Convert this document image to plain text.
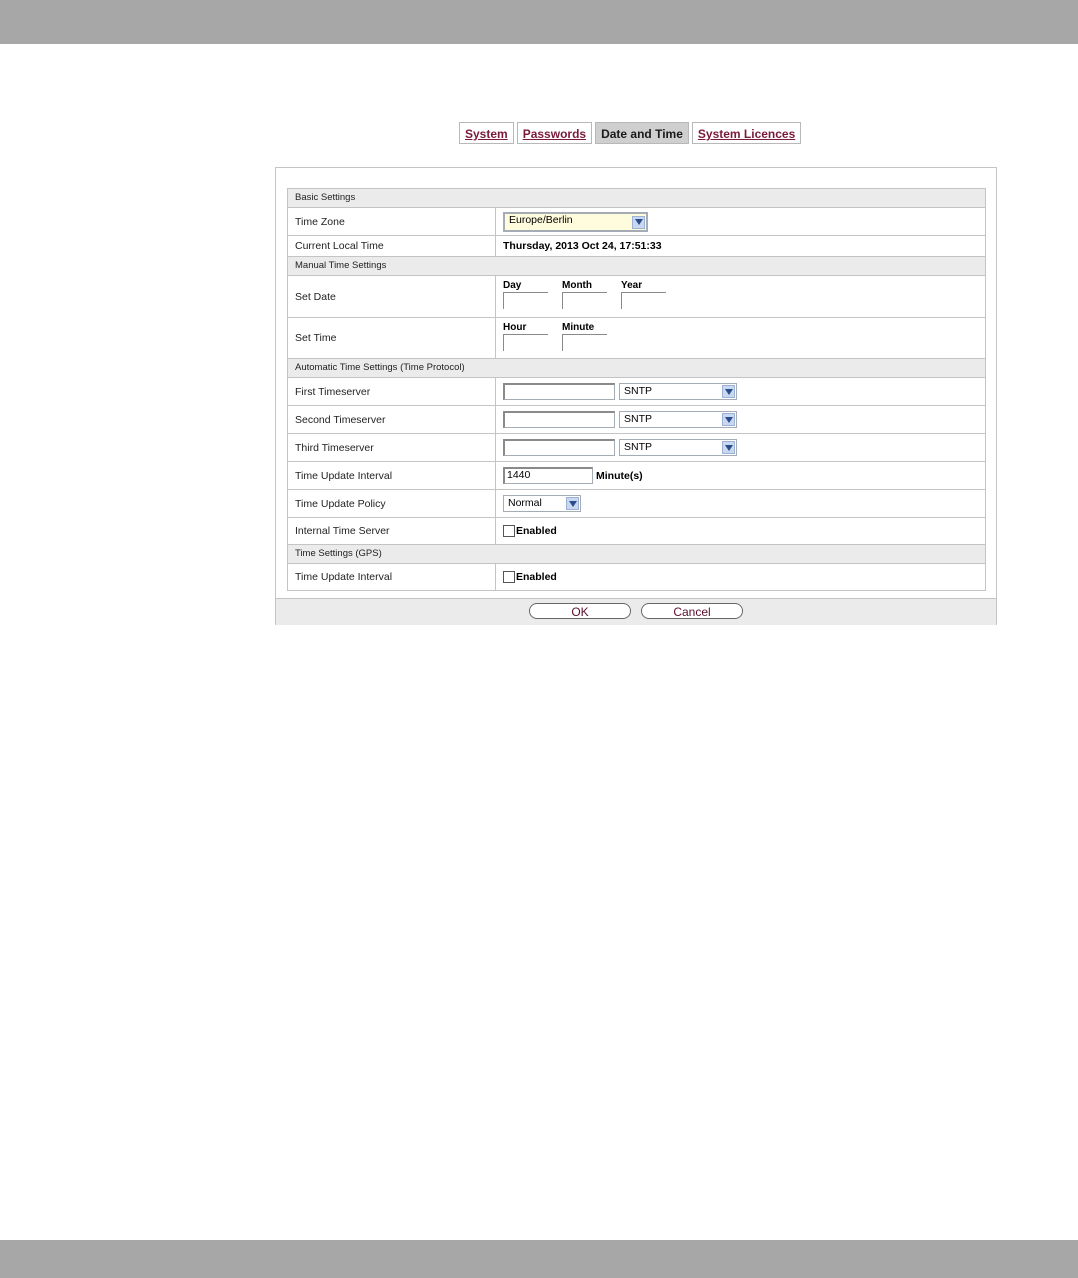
System	Passwords	Date and Time	System Licences
Basic Settings
Time Zone	Europe/Berlin
Current Local Time	Thursday, 2013 Oct 24, 17:51:33
Manual Time Settings
Set Date
Day	Month	Year
Set Time
Hour	Minute
Automatic Time Settings (Time Protocol)
First Timeserver	SNTP
Second Timeserver	SNTP
Third Timeserver	SNTP
Time Update Interval	1440	Minute(s)
Time Update Policy	Normal
Internal Time Server	Enabled
Time Settings (GPS)
Time Update Interval	Enabled
OK	Cancel
